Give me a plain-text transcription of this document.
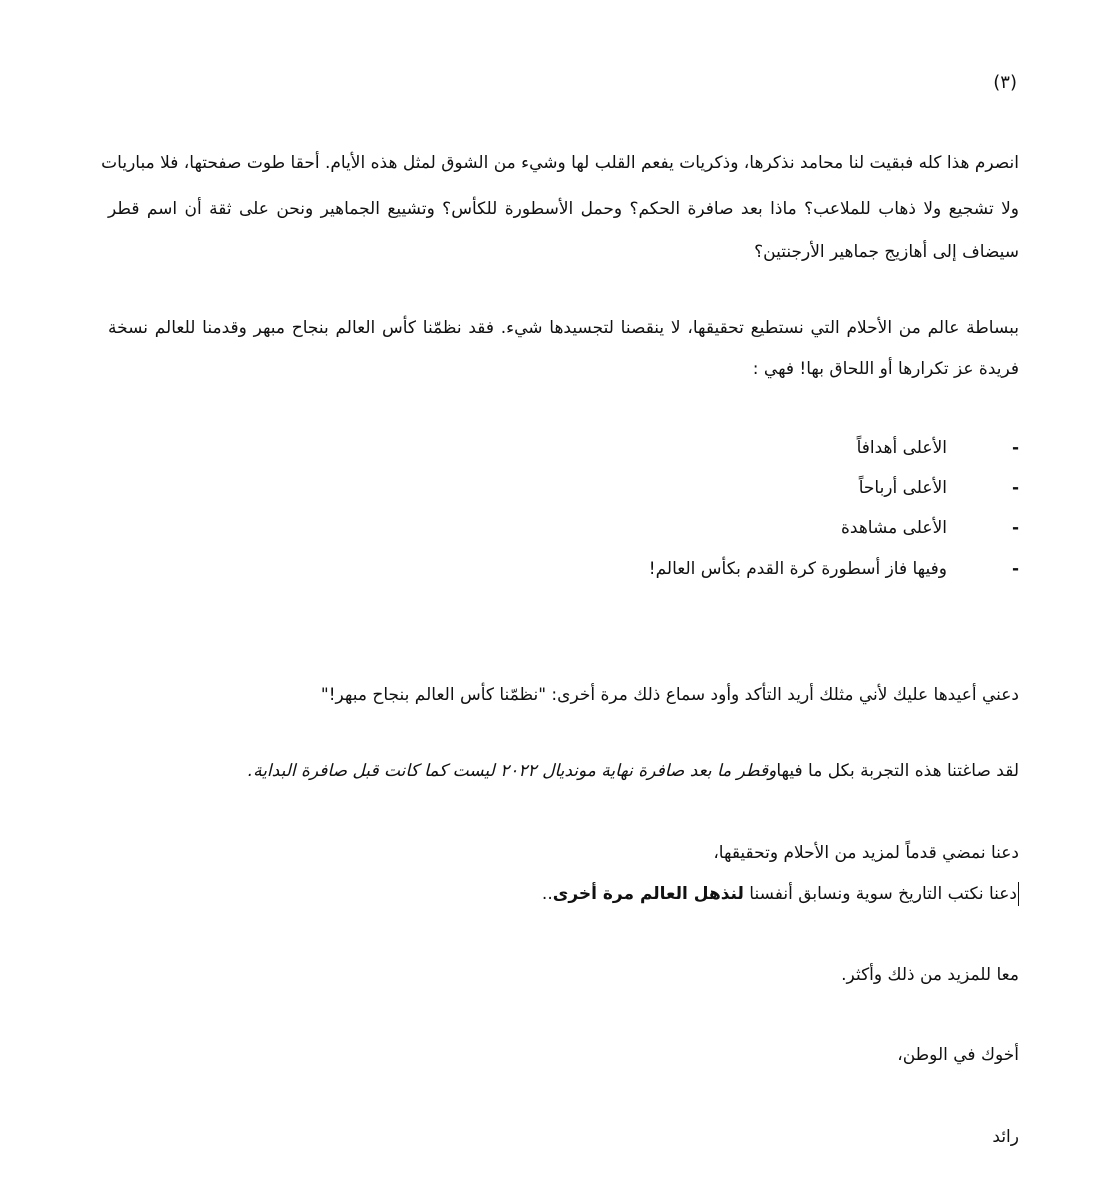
(٣)
انصرم هذا كله فبقيت لنا محامد نذكرها، وذكريات يفعم القلب لها وشيء من الشوق لمثل هذه الأيام. أحقا طوت صفحتها، فلا مباريات
ولا تشجيع ولا ذهاب للملاعب؟ ماذا بعد صافرة الحكم؟ وحمل الأسطورة للكأس؟ وتشييع الجماهير ونحن على ثقة أن اسم قطر
سيضاف إلى أهازيج جماهير الأرجنتين؟
ببساطة عالم من الأحلام التي نستطيع تحقيقها، لا ينقصنا لتجسيدها شيء. فقد نظمّنا كأس العالم بنجاح مبهر وقدمنا للعالم نسخة
فريدة عز تكرارها أو اللحاق بها! فهي :
-
الأعلى أهدافاً
-
الأعلى أرباحاً
-
الأعلى مشاهدة
-
وفيها فاز أسطورة كرة القدم بكأس العالم!
دعني أعيدها عليك لأني مثلك أريد التأكد وأود سماع ذلك مرة أخرى: "نظمّنا كأس العالم بنجاح مبهر!"
لقد صاغتنا هذه التجربة بكل ما فيهاوقطر ما بعد صافرة نهاية مونديال ٢٠٢٢ ليست كما كانت قبل صافرة البداية.
دعنا نمضي قدماً لمزيد من الأحلام وتحقيقها،
دعنا نكتب التاريخ سوية ونسابق أنفسنا لنذهل العالم مرة أخرى..
معا للمزيد من ذلك وأكثر.
أخوك في الوطن،
رائد
